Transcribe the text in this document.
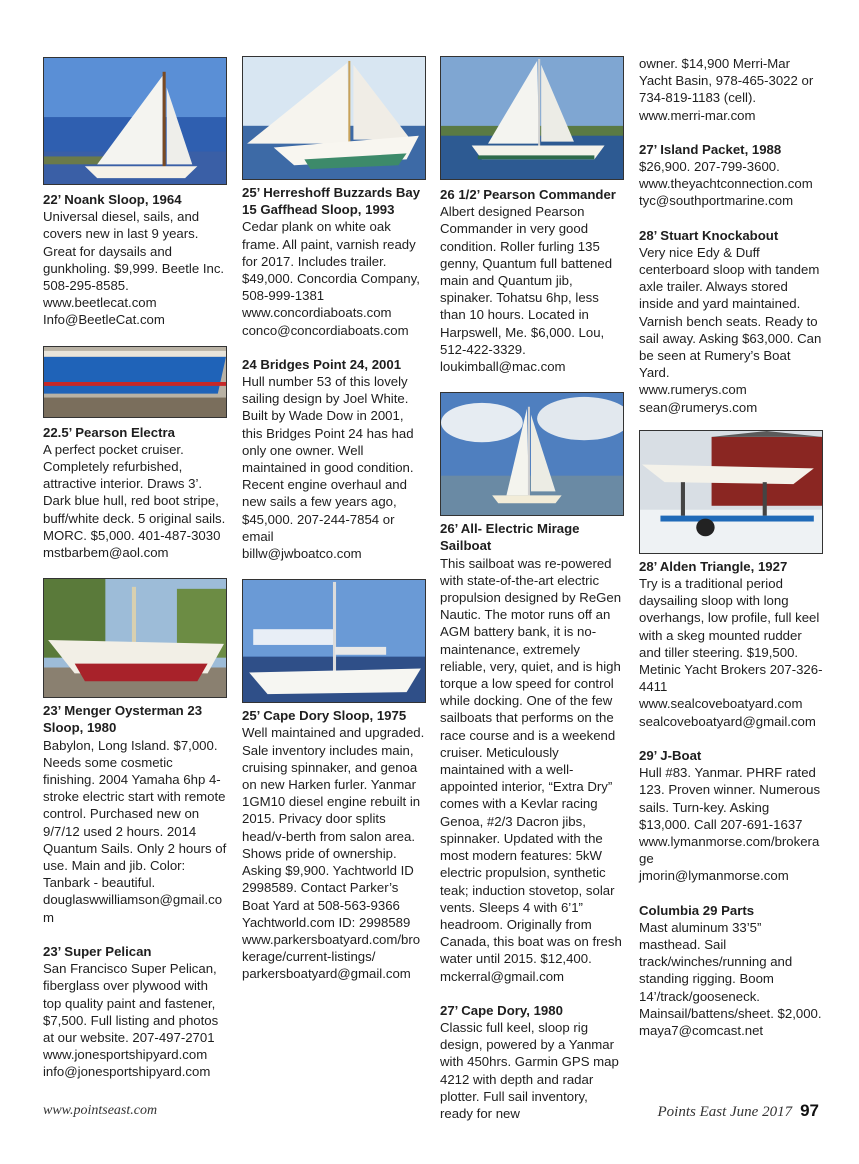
22’ Noank Sloop, 1964

Universal diesel, sails, and covers new in last 9 years. Great for daysails and gunkholing. $9,999. Beetle Inc. 508-295-8585.

www.beetlecat.com

Info@BeetleCat.com

22.5’ Pearson Electra

A perfect pocket cruiser. Completely refurbished, attractive interior. Draws 3’. Dark blue hull, red boot stripe, buff/white deck. 5 original sails. MORC. $5,000. 401-487-3030

mstbarbem@aol.com

23’ Menger Oysterman 23 Sloop, 1980

Babylon, Long Island. $7,000. Needs some cosmetic finishing. 2004 Yamaha 6hp 4-stroke electric start with remote control. Purchased new on 9/7/12 used 2 hours. 2014 Quantum Sails. Only 2 hours of use. Main and jib. Color: Tanbark - beautiful.

douglaswwilliamson@gmail.com

23’ Super Pelican

San Francisco Super Pelican, fiberglass over plywood with top quality paint and fastener, $7,500. Full listing and photos at our website. 207-497-2701

www.jonesportshipyard.com

info@jonesportshipyard.com

25’ Herreshoff Buzzards Bay 15 Gaffhead Sloop, 1993

Cedar plank on white oak frame. All paint, varnish ready for 2017. Includes trailer. $49,000. Concordia Company, 508-999-1381

www.concordiaboats.com

conco@concordiaboats.com

24 Bridges Point 24, 2001

Hull number 53 of this lovely sailing design by Joel White. Built by Wade Dow in 2001, this Bridges Point 24 has had only one owner. Well maintained in good condition. Recent engine overhaul and new sails a few years ago, $45,000. 207-244-7854 or email

billw@jwboatco.com

25’ Cape Dory Sloop, 1975

Well maintained and upgraded. Sale inventory includes main, cruising spinnaker, and genoa on new Harken furler. Yanmar 1GM10 diesel engine rebuilt in 2015. Privacy door splits head/v-berth from salon area. Shows pride of ownership. Asking $9,900. Yachtworld ID 2998589. Contact Parker’s Boat Yard at 508-563-9366 Yachtworld.com ID: 2998589

www.parkersboatyard.com/brokerage/current-listings/

parkersboatyard@gmail.com

26 1/2’ Pearson Commander

Albert designed Pearson Commander in very good condition. Roller furling 135 genny, Quantum full battened main and Quantum jib, spinaker. Tohatsu 6hp, less than 10 hours. Located in Harpswell, Me. $6,000. Lou, 512-422-3329.

loukimball@mac.com

26’ All- Electric Mirage Sailboat

This sailboat was re-powered with state-of-the-art electric propulsion designed by ReGen Nautic. The motor runs off an AGM battery bank, it is no-maintenance, extremely reliable, very, quiet, and is high torque a low speed for control while docking. One of the few sailboats that performs on the race course and is a weekend cruiser. Meticulously maintained with a well-appointed interior, “Extra Dry” comes with a Kevlar racing Genoa, #2/3 Dacron jibs, spinnaker. Updated with the most modern features: 5kW electric propulsion, synthetic teak; induction stovetop, solar vents. Sleeps 4 with 6’1” headroom. Originally from Canada, this boat was on fresh water until 2015. $12,400.

mckerral@gmail.com

27’ Cape Dory, 1980

Classic full keel, sloop rig design, powered by a Yanmar with 450hrs. Garmin GPS map 4212 with depth and radar plotter. Full sail inventory, ready for new

owner. $14,900 Merri-Mar Yacht Basin, 978-465-3022 or 734-819-1183 (cell).

www.merri-mar.com

27’ Island Packet, 1988

$26,900. 207-799-3600.

www.theyachtconnection.com

tyc@southportmarine.com

28’ Stuart Knockabout

Very nice Edy & Duff centerboard sloop with tandem axle trailer. Always stored inside and yard maintained. Varnish bench seats. Ready to sail away. Asking $63,000. Can be seen at Rumery’s Boat Yard.

www.rumerys.com

sean@rumerys.com

28’ Alden Triangle, 1927

Try is a traditional period daysailing sloop with long overhangs, low profile, full keel with a skeg mounted rudder and tiller steering. $19,500. Metinic Yacht Brokers 207-326-4411

www.sealcoveboatyard.com

sealcoveboatyard@gmail.com

29’ J-Boat

Hull #83. Yanmar. PHRF rated 123. Proven winner. Numerous sails. Turn-key. Asking $13,000. Call 207-691-1637

www.lymanmorse.com/brokerage

jmorin@lymanmorse.com

Columbia 29 Parts

Mast aluminum 33’5” masthead. Sail track/winches/running and standing rigging. Boom 14’/track/gooseneck. Mainsail/battens/sheet. $2,000.

maya7@comcast.net

www.pointseast.com	Points East June 2017 97
